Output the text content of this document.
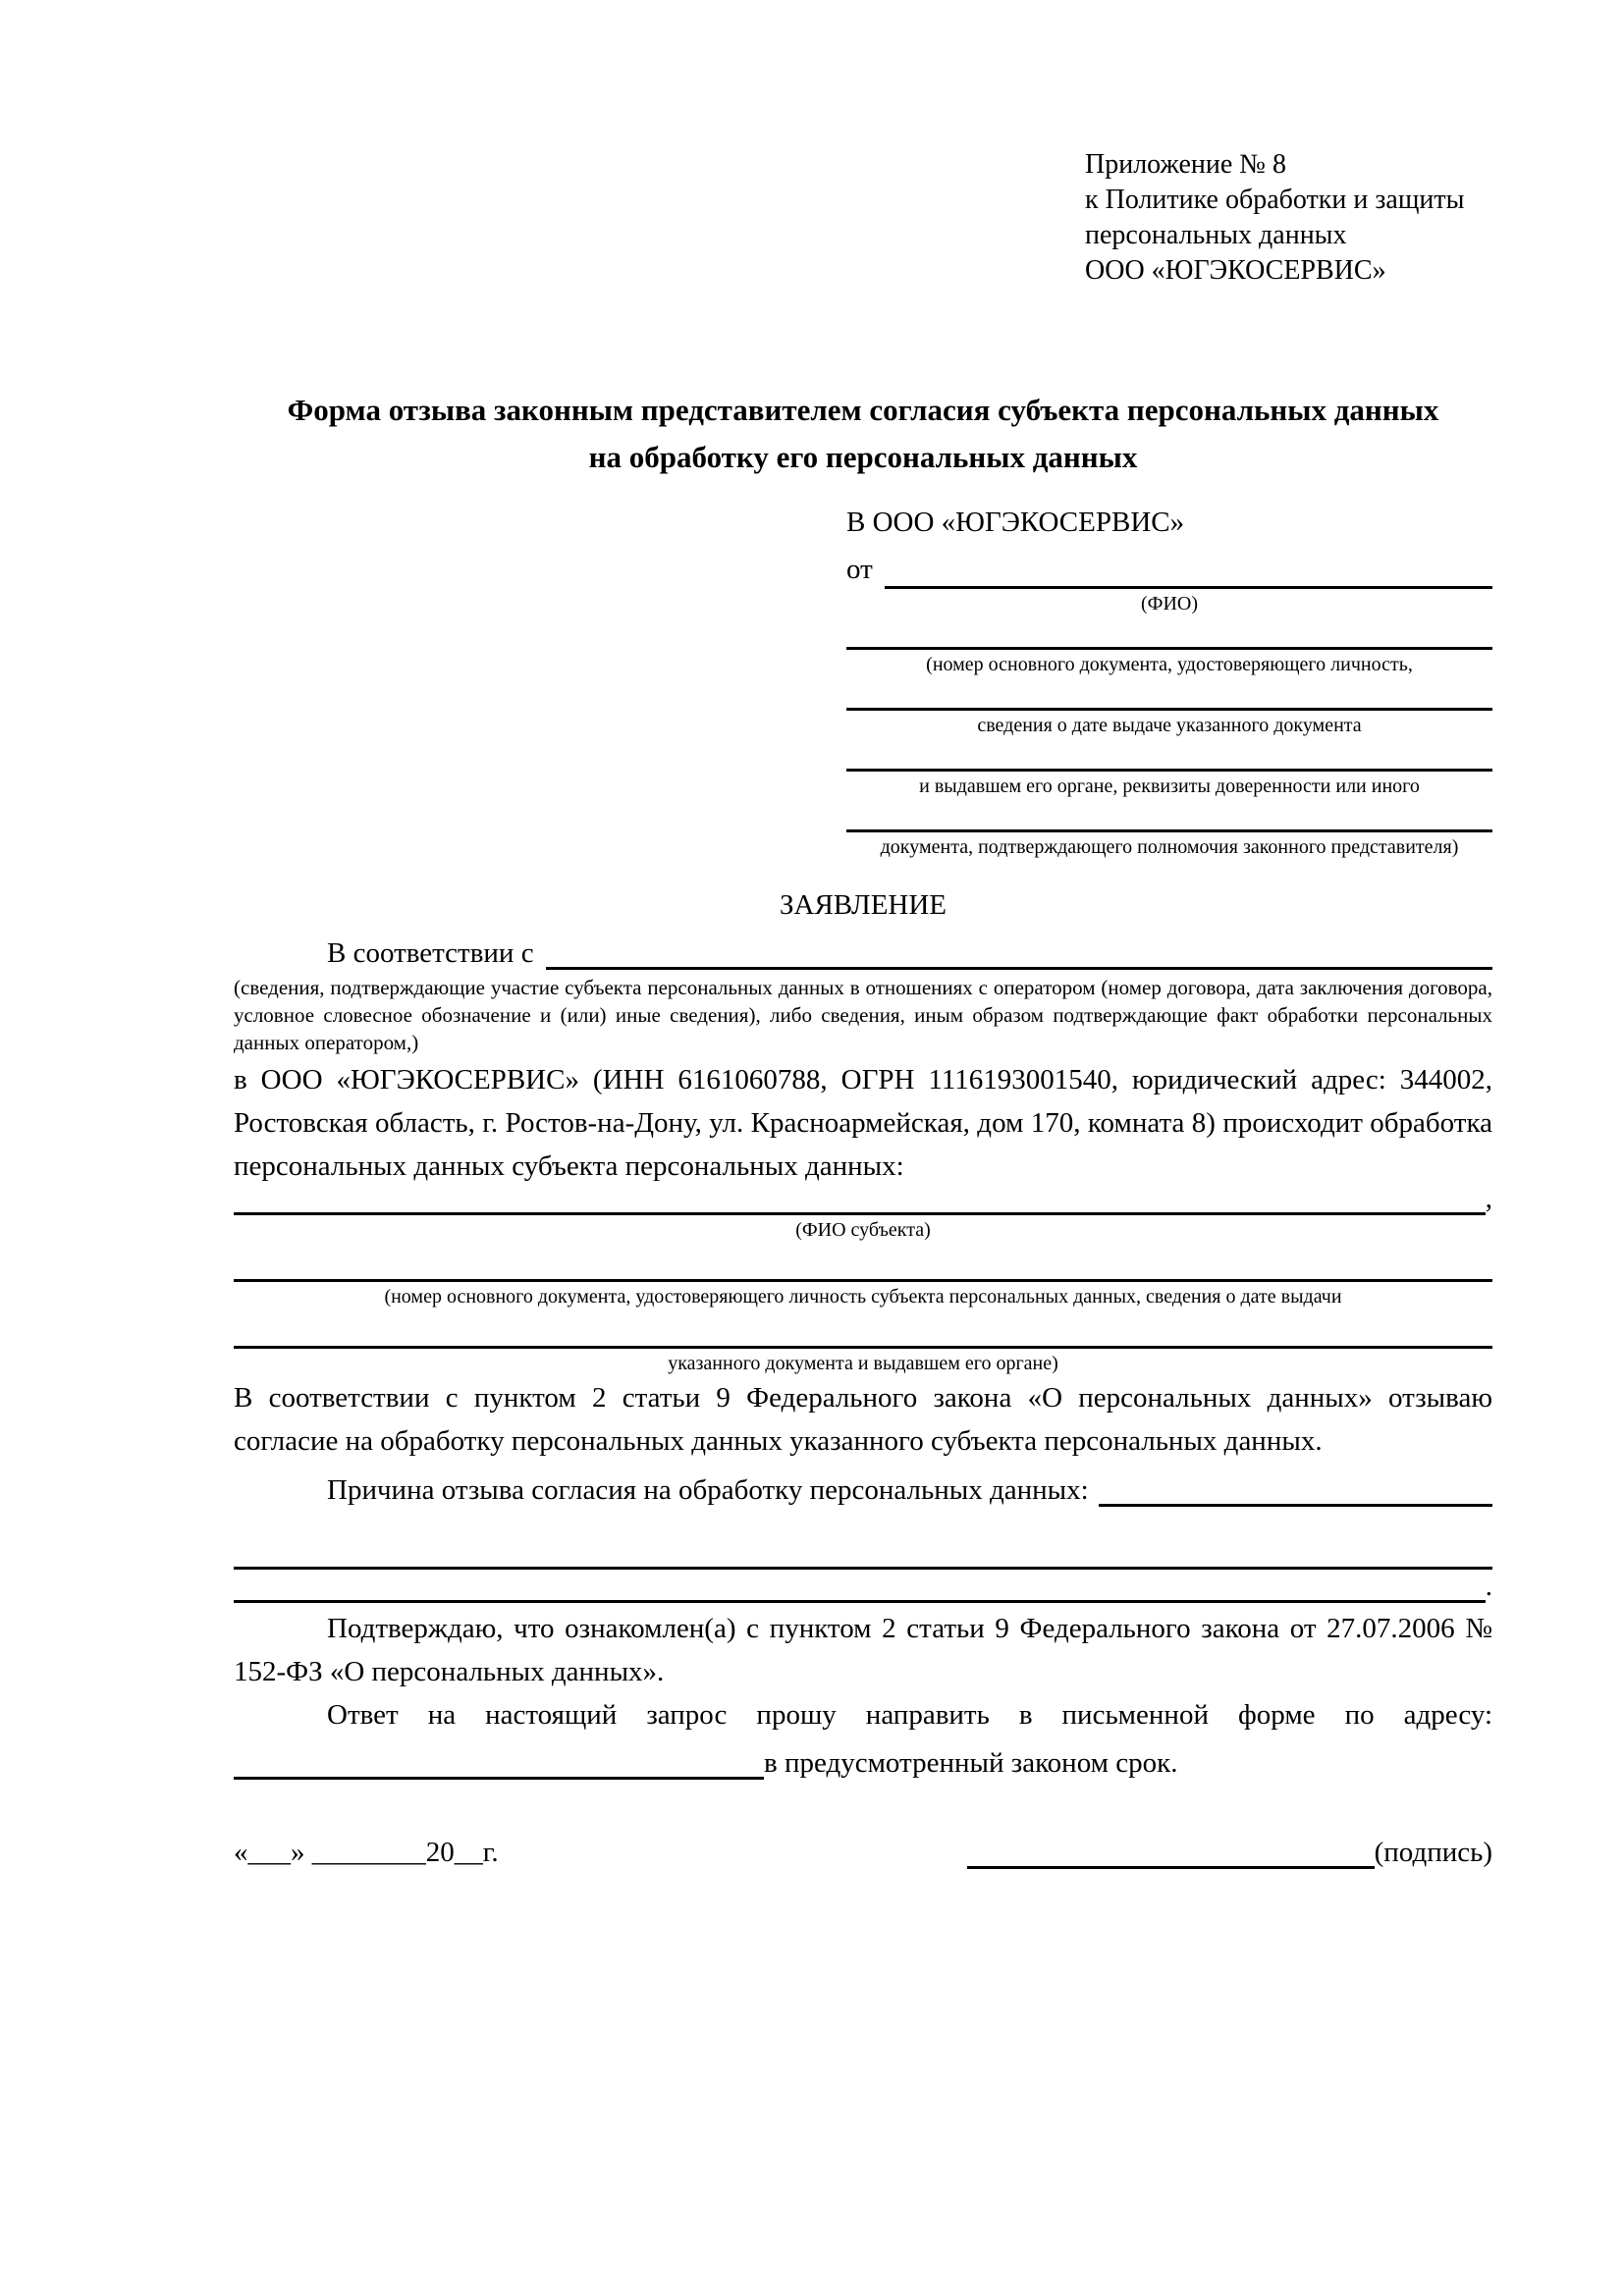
Приложение № 8
к Политике обработки и защиты
персональных данных
ООО «ЮГЭКОСЕРВИС»
Форма отзыва законным представителем согласия субъекта персональных данных на обработку его персональных данных
В ООО «ЮГЭКОСЕРВИС»
от
(ФИО)
(номер основного документа, удостоверяющего личность,
сведения о дате выдаче указанного документа
и выдавшем его органе, реквизиты доверенности или иного
документа, подтверждающего полномочия законного представителя)
ЗАЯВЛЕНИЕ
В соответствии с
(сведения, подтверждающие участие субъекта персональных данных в отношениях с оператором (номер договора, дата заключения договора, условное словесное обозначение и (или) иные сведения), либо сведения, иным образом подтверждающие факт обработки персональных данных оператором,)
в ООО «ЮГЭКОСЕРВИС» (ИНН 6161060788, ОГРН 1116193001540, юридический адрес: 344002, Ростовская область, г. Ростов-на-Дону, ул. Красноармейская, дом 170, комната 8) происходит обработка персональных данных субъекта персональных данных:
,
(ФИО субъекта)
(номер основного документа, удостоверяющего личность субъекта персональных данных, сведения о дате выдачи
указанного документа и выдавшем его органе)
В соответствии с пунктом 2 статьи 9 Федерального закона «О персональных данных» отзываю согласие на обработку персональных данных указанного субъекта персональных данных.
Причина отзыва согласия на обработку персональных данных:
.
Подтверждаю, что ознакомлен(а) с пунктом 2 статьи 9 Федерального закона от 27.07.2006 № 152-ФЗ «О персональных данных».
Ответ на настоящий запрос прошу направить в письменной форме по адресу:
в предусмотренный законом срок.
«___» ________20__г.	(подпись)
